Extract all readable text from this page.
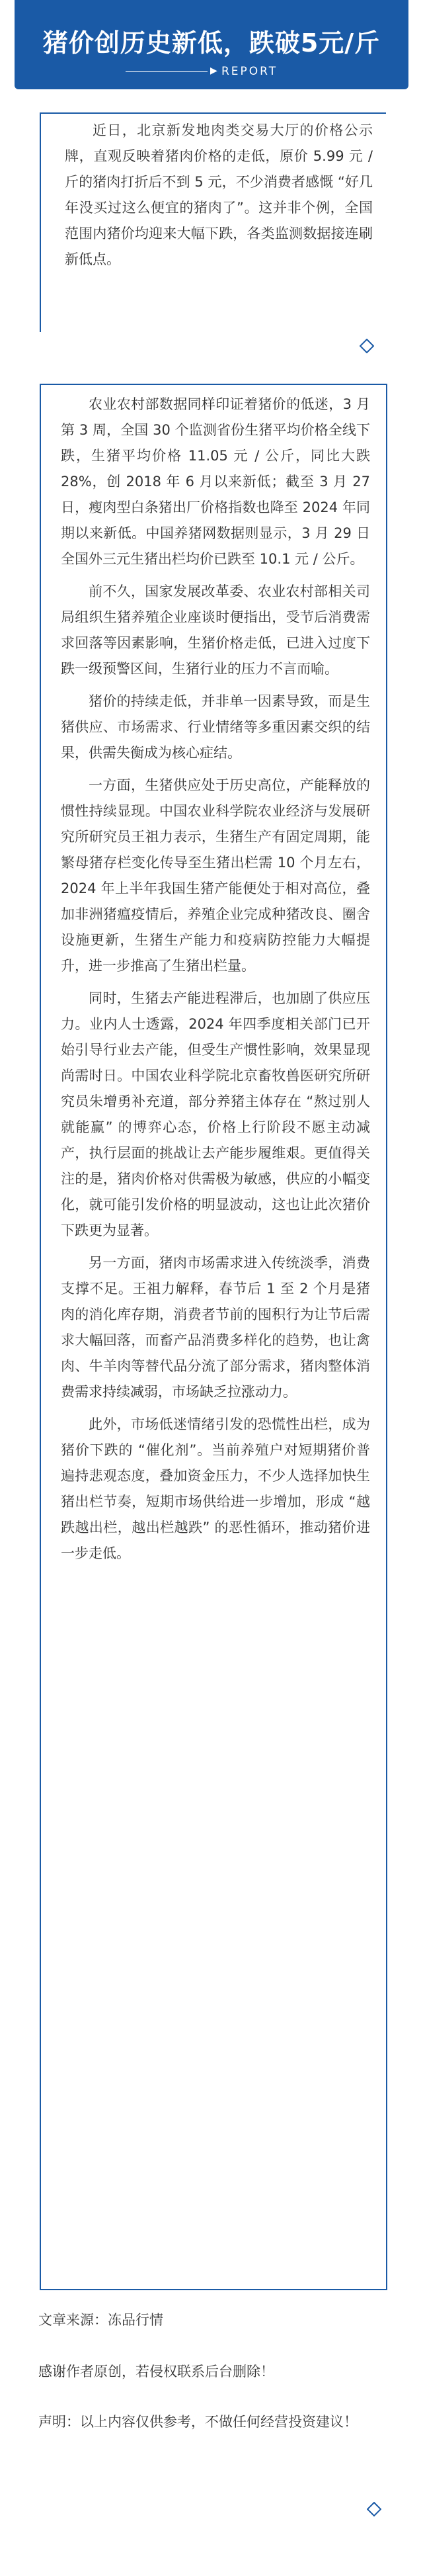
猪价创历史新低，跌破5元/斤
▶ REPORT

近日，北京新发地肉类交易大厅的价格公示牌，直观反映着猪肉价格的走低，原价 5.99 元 / 斤的猪肉打折后不到 5 元，不少消费者感慨 “好几年没买过这么便宜的猪肉了”。这并非个例，全国范围内猪价均迎来大幅下跌，各类监测数据接连刷新低点。

农业农村部数据同样印证着猪价的低迷，3 月第 3 周，全国 30 个监测省份生猪平均价格全线下跌，生猪平均价格 11.05 元 / 公斤，同比大跌 28%，创 2018 年 6 月以来新低；截至 3 月 27 日，瘦肉型白条猪出厂价格指数也降至 2024 年同期以来新低。中国养猪网数据则显示，3 月 29 日全国外三元生猪出栏均价已跌至 10.1 元 / 公斤。

前不久，国家发展改革委、农业农村部相关司局组织生猪养殖企业座谈时便指出，受节后消费需求回落等因素影响，生猪价格走低，已进入过度下跌一级预警区间，生猪行业的压力不言而喻。

猪价的持续走低，并非单一因素导致，而是生猪供应、市场需求、行业情绪等多重因素交织的结果，供需失衡成为核心症结。

一方面，生猪供应处于历史高位，产能释放的惯性持续显现。中国农业科学院农业经济与发展研究所研究员王祖力表示，生猪生产有固定周期，能繁母猪存栏变化传导至生猪出栏需 10 个月左右，2024 年上半年我国生猪产能便处于相对高位，叠加非洲猪瘟疫情后，养殖企业完成种猪改良、圈舍设施更新，生猪生产能力和疫病防控能力大幅提升，进一步推高了生猪出栏量。

同时，生猪去产能进程滞后，也加剧了供应压力。业内人士透露，2024 年四季度相关部门已开始引导行业去产能，但受生产惯性影响，效果显现尚需时日。中国农业科学院北京畜牧兽医研究所研究员朱增勇补充道，部分养猪主体存在 “熬过别人就能赢” 的博弈心态，价格上行阶段不愿主动减产，执行层面的挑战让去产能步履维艰。更值得关注的是，猪肉价格对供需极为敏感，供应的小幅变化，就可能引发价格的明显波动，这也让此次猪价下跌更为显著。

另一方面，猪肉市场需求进入传统淡季，消费支撑不足。王祖力解释，春节后 1 至 2 个月是猪肉的消化库存期，消费者节前的囤积行为让节后需求大幅回落，而畜产品消费多样化的趋势，也让禽肉、牛羊肉等替代品分流了部分需求，猪肉整体消费需求持续减弱，市场缺乏拉涨动力。

此外，市场低迷情绪引发的恐慌性出栏，成为猪价下跌的 “催化剂”。当前养殖户对短期猪价普遍持悲观态度，叠加资金压力，不少人选择加快生猪出栏节奏，短期市场供给进一步增加，形成 “越跌越出栏，越出栏越跌” 的恶性循环，推动猪价进一步走低。

文章来源：冻品行情
感谢作者原创，若侵权联系后台删除！
声明：以上内容仅供参考，不做任何经营投资建议！
